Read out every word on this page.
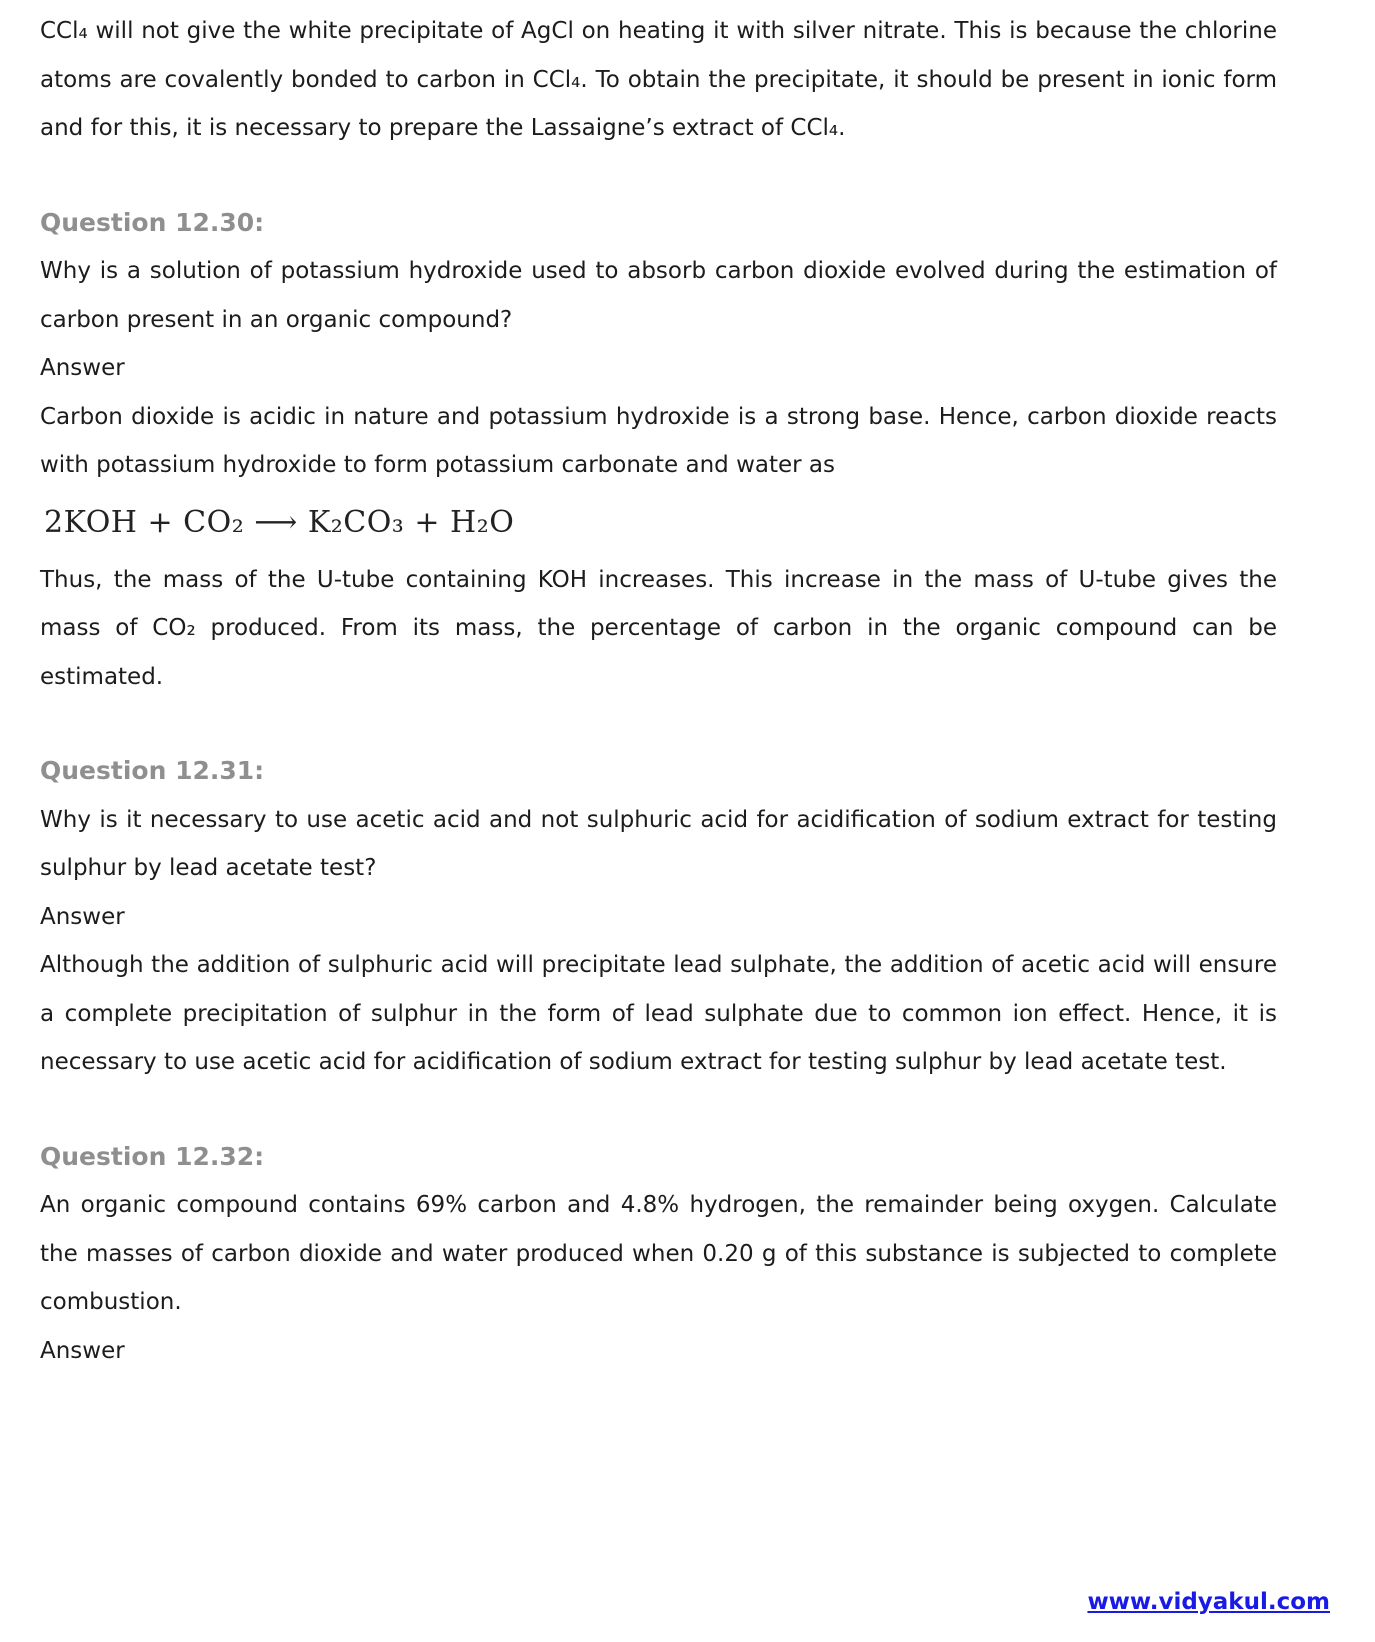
CCl₄ will not give the white precipitate of AgCl on heating it with silver nitrate. This is because the chlorine atoms are covalently bonded to carbon in CCl₄. To obtain the precipitate, it should be present in ionic form and for this, it is necessary to prepare the Lassaigne’s extract of CCl₄.

Question 12.30:

Why is a solution of potassium hydroxide used to absorb carbon dioxide evolved during the estimation of carbon present in an organic compound?

Answer

Carbon dioxide is acidic in nature and potassium hydroxide is a strong base. Hence, carbon dioxide reacts with potassium hydroxide to form potassium carbonate and water as

2KOH + CO₂ ⟶ K₂CO₃ + H₂O

Thus, the mass of the U-tube containing KOH increases. This increase in the mass of U-tube gives the mass of CO₂ produced. From its mass, the percentage of carbon in the organic compound can be estimated.

Question 12.31:

Why is it necessary to use acetic acid and not sulphuric acid for acidification of sodium extract for testing sulphur by lead acetate test?

Answer

Although the addition of sulphuric acid will precipitate lead sulphate, the addition of acetic acid will ensure a complete precipitation of sulphur in the form of lead sulphate due to common ion effect. Hence, it is necessary to use acetic acid for acidification of sodium extract for testing sulphur by lead acetate test.

Question 12.32:

An organic compound contains 69% carbon and 4.8% hydrogen, the remainder being oxygen. Calculate the masses of carbon dioxide and water produced when 0.20 g of this substance is subjected to complete combustion.

Answer

www.vidyakul.com
